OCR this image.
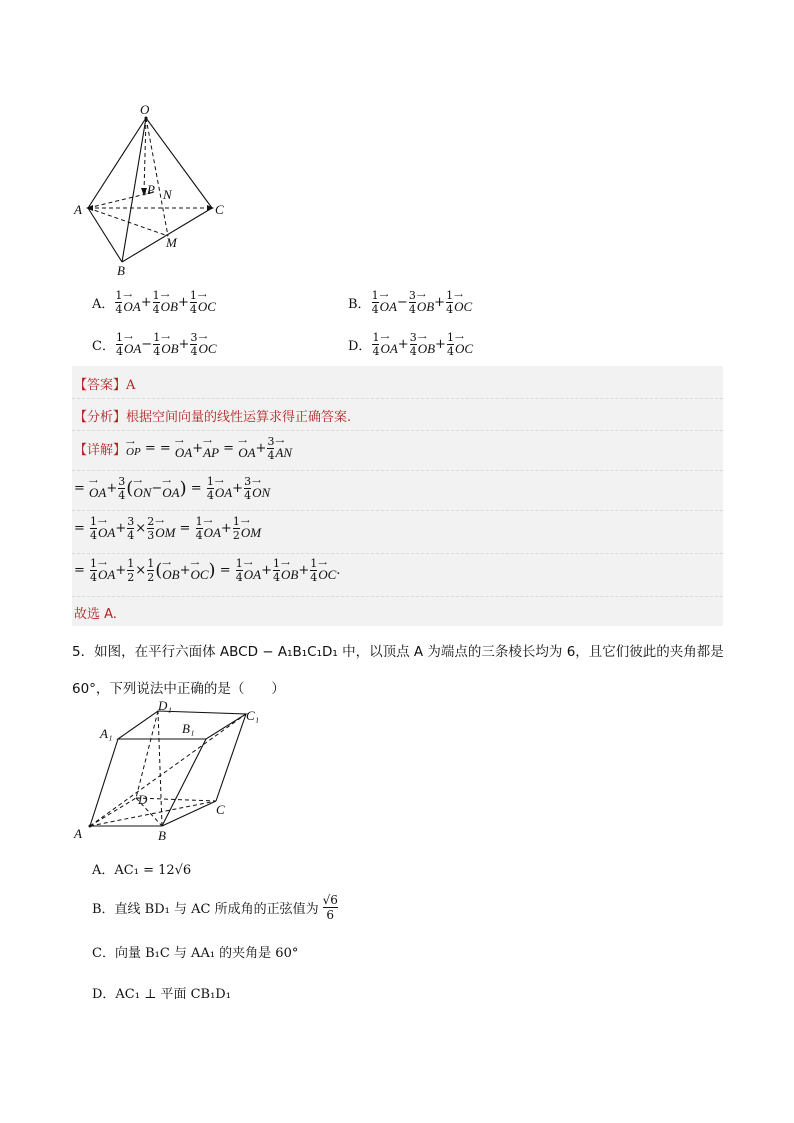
O
A
B
C
P N
M
A． $\frac{1}{4}$ ⟶
OA + $\frac{1}{4}$ ⟶
OB + $\frac{1}{4}$ ⟶
OC	B． $\frac{1}{4}$ ⟶
OA − $\frac{3}{4}$ ⟶
OB + $\frac{1}{4}$ ⟶
OC
C． $\frac{1}{4}$ ⟶
OA − $\frac{1}{4}$ ⟶
OB + $\frac{3}{4}$ ⟶
OC	D． $\frac{1}{4}$ ⟶
OA + $\frac{3}{4}$ ⟶
OB + $\frac{1}{4}$ ⟶
OC
【答案】A
【分析】根据空间向量的线性运算求得正确答案.
【详解】
⟶
OP = = ⟶
OA + ⟶
AP = ⟶
OA + $\frac{3}{4}$ ⟶
AN
= ⟶
OA + $\frac{3}{4}$ ( ⟶
ON − ⟶
OA ) = $\frac{1}{4}$ ⟶
OA + $\frac{3}{4}$ ⟶
ON
= $\frac{1}{4}$ ⟶
OA + $\frac{3}{4} \times \frac{2}{3}$ ⟶
OM = $\frac{1}{4}$ ⟶
OA + $\frac{1}{2}$ ⟶
OM
= $\frac{1}{4}$ ⟶
OA + $\frac{1}{2} \times \frac{1}{2}$ ( ⟶
OB + ⟶
OC ) = $\frac{1}{4}$ ⟶
OA + $\frac{1}{4}$ ⟶
OB + $\frac{1}{4}$ ⟶
OC .
故选 A.
5．如图，在平行六面体 ABCD − A₁B₁C₁D₁ 中，以顶点 A 为端点的三条棱长均为 6，且它们彼此的夹角都是
60°，下列说法中正确的是（　　）
A	B
C
D
A₁	B₁
C₁
D₁
A．AC₁ = 12√6
B．直线 BD₁ 与 AC 所成角的正弦值为 $\frac{√6}{6}$
C．向量 B₁C 与 AA₁ 的夹角是 60°
D．AC₁ ⊥ 平面 CB₁D₁
